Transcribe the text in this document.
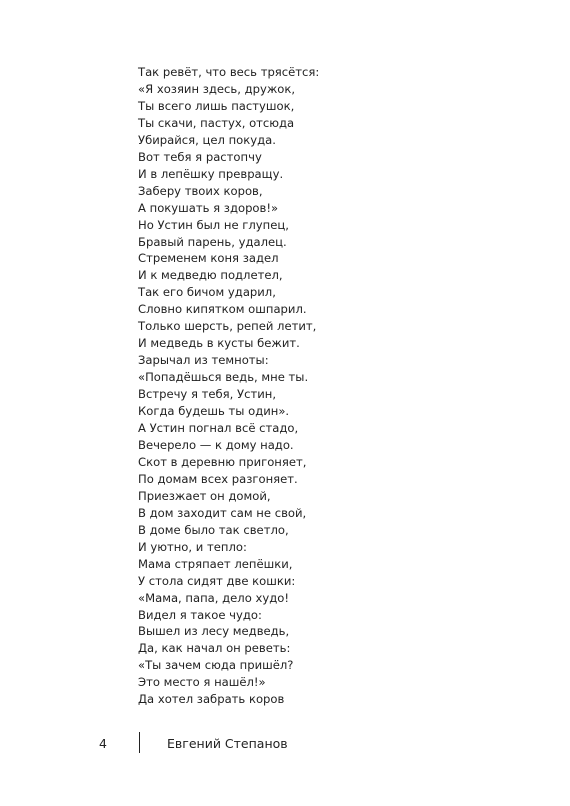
Так ревёт, что весь трясётся:
«Я хозяин здесь, дружок,
Ты всего лишь пастушок,
Ты скачи, пастух, отсюда
Убирайся, цел покуда.
Вот тебя я растопчу
И в лепёшку превращу.
Заберу твоих коров,
А покушать я здоров!»
Но Устин был не глупец,
Бравый парень, удалец.
Стременем коня задел
И к медведю подлетел,
Так его бичом ударил,
Словно кипятком ошпарил.
Только шерсть, репей летит,
И медведь в кусты бежит.
Зарычал из темноты:
«Попадёшься ведь, мне ты.
Встречу я тебя, Устин,
Когда будешь ты один».
А Устин погнал всё стадо,
Вечерело — к дому надо.
Скот в деревню пригоняет,
По домам всех разгоняет.
Приезжает он домой,
В дом заходит сам не свой,
В доме было так светло,
И уютно, и тепло:
Мама стряпает лепёшки,
У стола сидят две кошки:
«Мама, папа, дело худо!
Видел я такое чудо:
Вышел из лесу медведь,
Да, как начал он реветь:
«Ты зачем сюда пришёл?
Это место я нашёл!»
Да хотел забрать коров
4	Евгений Степанов
